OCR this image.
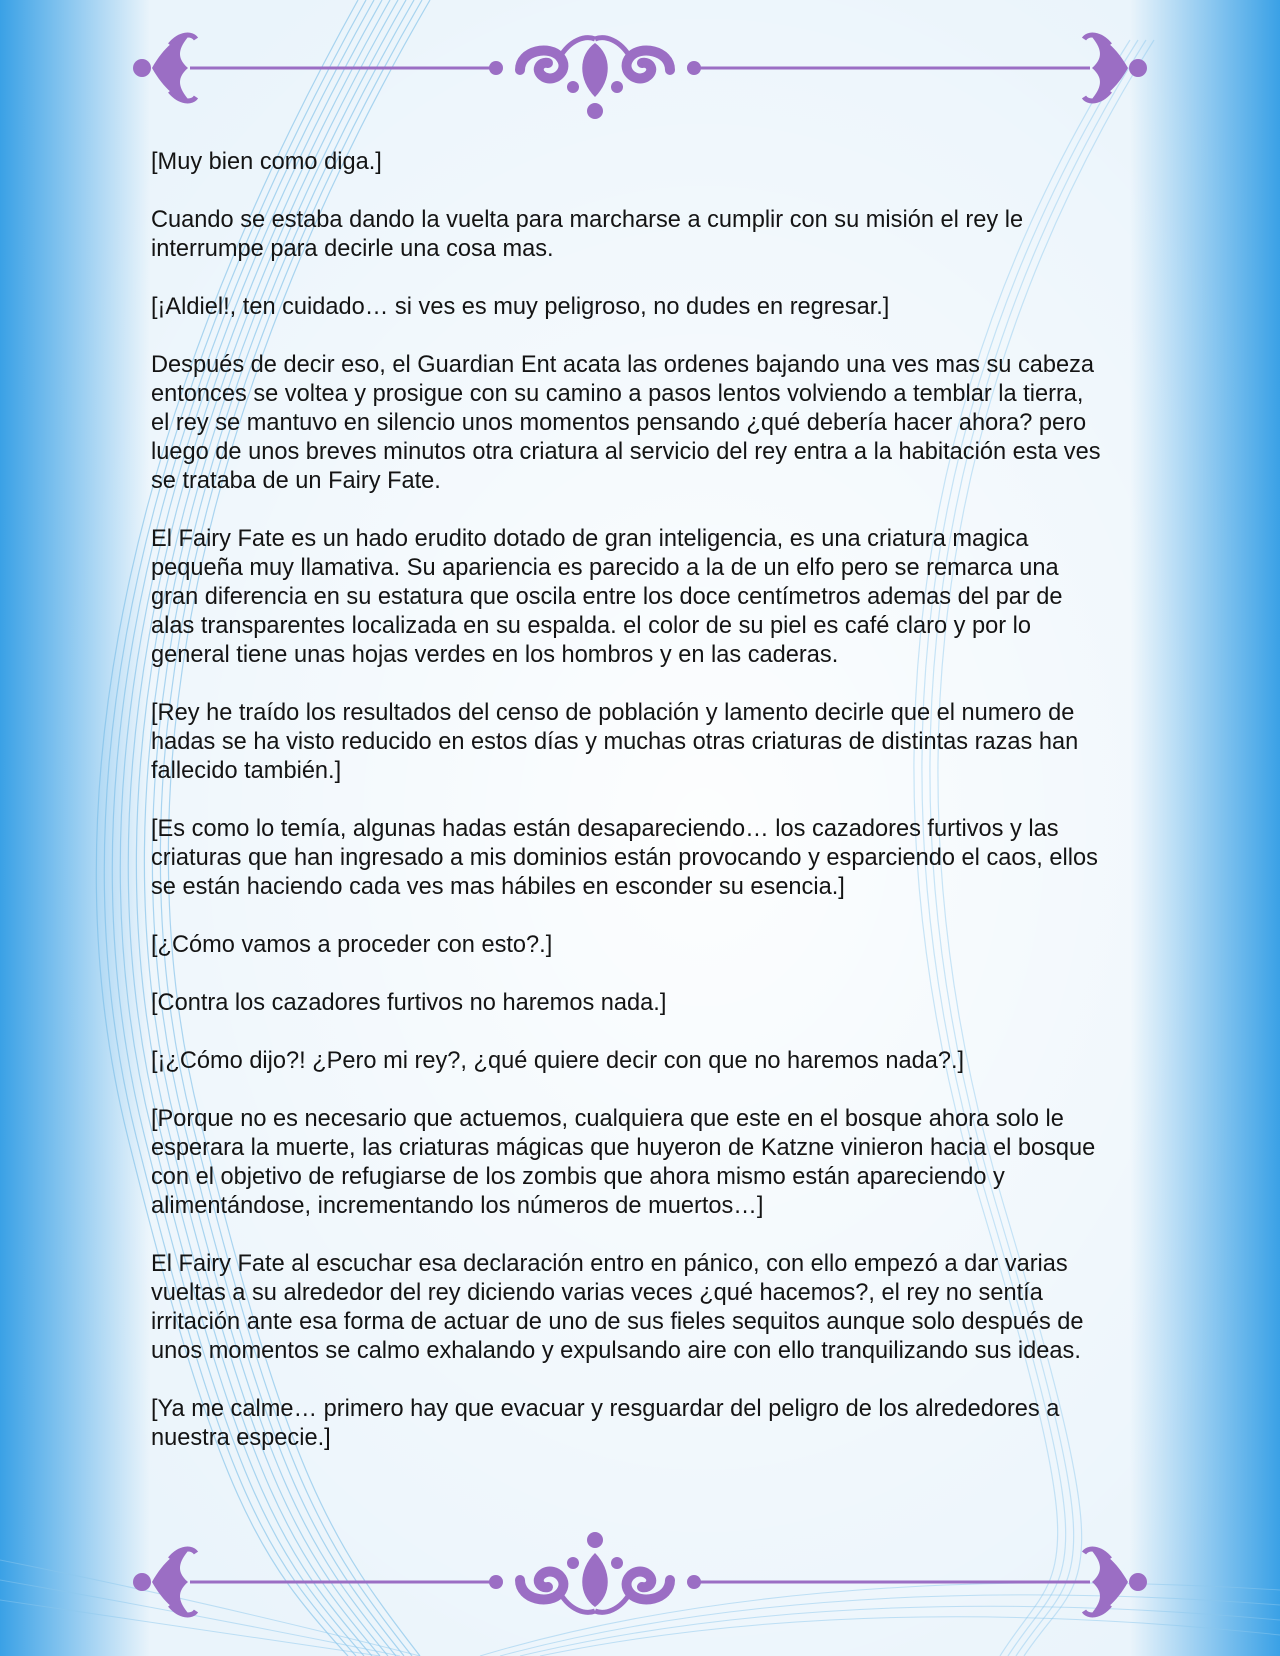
[Muy bien como diga.]

Cuando se estaba dando la vuelta para marcharse a cumplir con su misión el rey le interrumpe para decirle una cosa mas.

[¡Aldiel!, ten cuidado… si ves es muy peligroso, no dudes en regresar.]

Después de decir eso, el Guardian Ent acata las ordenes bajando una ves mas su cabeza entonces se voltea y prosigue con su camino a pasos lentos volviendo a temblar la tierra, el rey se mantuvo en silencio unos momentos pensando ¿qué debería hacer ahora? pero luego de unos breves minutos otra criatura al servicio del rey entra a la habitación esta ves se trataba de un Fairy Fate.

El Fairy Fate es un hado erudito dotado de gran inteligencia, es una criatura magica pequeña muy llamativa. Su apariencia es parecido a la de un elfo pero se remarca una gran diferencia en su estatura que oscila entre los doce centímetros ademas del par de alas transparentes localizada en su espalda. el color de su piel es café claro y por lo general tiene unas hojas verdes en los hombros y en las caderas.

[Rey he traído los resultados del censo de población y lamento decirle que el numero de hadas se ha visto reducido en estos días y muchas otras criaturas de distintas razas han fallecido también.]

[Es como lo temía, algunas hadas están desapareciendo… los cazadores furtivos y las criaturas que han ingresado a mis dominios están provocando y esparciendo el caos, ellos se están haciendo cada ves mas hábiles en esconder su esencia.]

[¿Cómo vamos a proceder con esto?.]

[Contra los cazadores furtivos no haremos nada.]

[¡¿Cómo dijo?! ¿Pero mi rey?, ¿qué quiere decir con que no haremos nada?.]

[Porque no es necesario que actuemos, cualquiera que este en el bosque ahora solo le esperara la muerte, las criaturas mágicas que huyeron de Katzne vinieron hacia el bosque con el objetivo de refugiarse de los zombis que ahora mismo están apareciendo y alimentándose, incrementando los números de muertos…]

El Fairy Fate al escuchar esa declaración entro en pánico, con ello empezó a dar varias vueltas a su alrededor del rey diciendo varias veces ¿qué hacemos?, el rey no sentía irritación ante esa forma de actuar de uno de sus fieles sequitos aunque solo después de unos momentos se calmo exhalando y expulsando aire con ello tranquilizando sus ideas.

[Ya me calme… primero hay que evacuar y resguardar del peligro de los alrededores a nuestra especie.]
